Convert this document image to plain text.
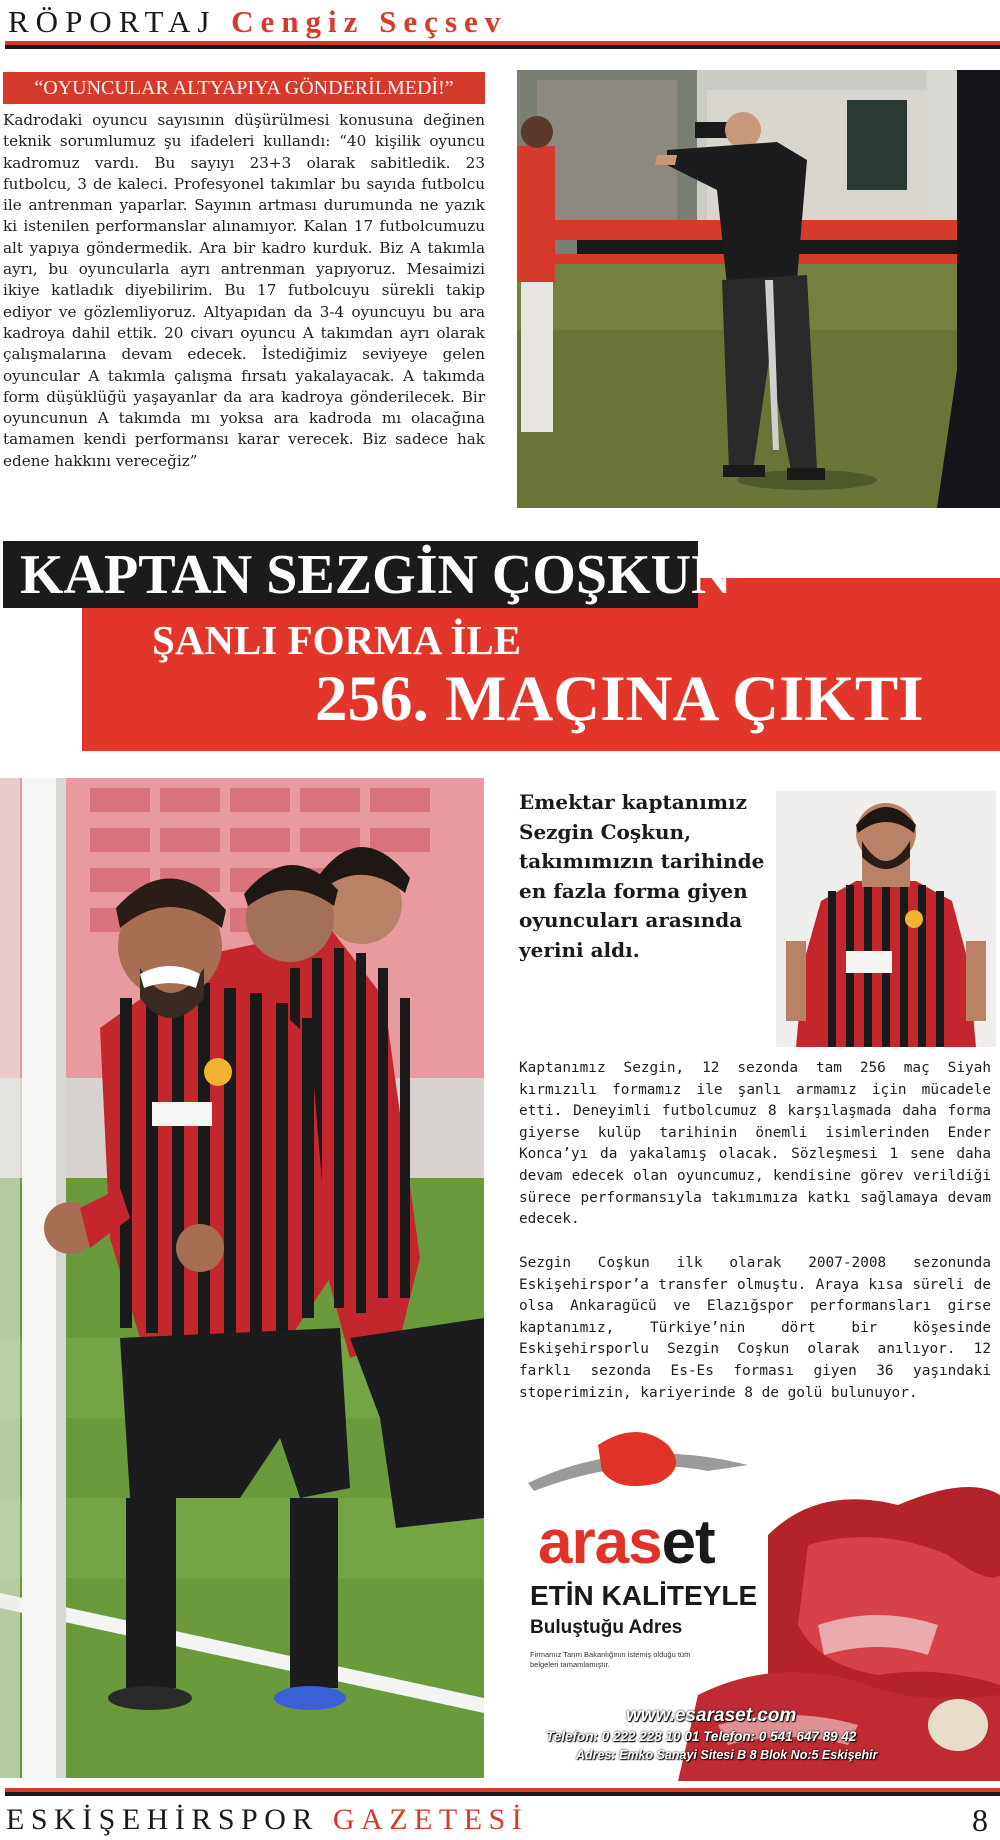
RÖPORTAJ Cengiz Seçsev
“OYUNCULAR ALTYAPIYA GÖNDERİLMEDİ!”
Kadrodaki oyuncu sayısının düşürülmesi konusuna değinen teknik sorumlumuz şu ifadeleri kullandı: “40 kişilik oyuncu kadromuz vardı. Bu sayıyı 23+3 olarak sabitledik. 23 futbolcu, 3 de kaleci. Profesyonel takımlar bu sayıda futbolcu ile antrenman yaparlar. Sayının artması durumunda ne yazık ki istenilen performanslar alınamıyor. Kalan 17 futbolcumuzu alt yapıya göndermedik. Ara bir kadro kurduk. Biz A takımla ayrı, bu oyuncularla ayrı antrenman yapıyoruz. Mesaimizi ikiye katladık diyebilirim. Bu 17 futbolcuyu sürekli takip ediyor ve gözlemliyoruz. Altyapıdan da 3-4 oyuncuyu bu ara kadroya dahil ettik. 20 civarı oyuncu A takımdan ayrı olarak çalışmalarına devam edecek. İstediğimiz seviyeye gelen oyuncular A takımla çalışma fırsatı yakalayacak. A takımda form düşüklüğü yaşayanlar da ara kadroya gönderilecek. Bir oyuncunun A takımda mı yoksa ara kadroda mı olacağına tamamen kendi performansı karar verecek. Biz sadece hak edene hakkını vereceğiz”
KAPTAN SEZGİN ÇOŞKUN
ŞANLI FORMA İLE
256. MAÇINA ÇIKTI
Emektar kaptanımız Sezgin Coşkun, takımımızın tarihinde en fazla forma giyen oyuncuları arasında yerini aldı.
Kaptanımız Sezgin, 12 sezonda tam 256 maç Siyah kırmızılı formamız ile şanlı armamız için mücadele etti. Deneyimli futbolcumuz 8 karşılaşmada daha forma giyerse kulüp tarihinin önemli isimlerinden Ender Konca’yı da yakalamış olacak. Sözleşmesi 1 sene daha devam edecek olan oyuncumuz, kendisine görev verildiği sürece performansıyla takımımıza katkı sağlamaya devam edecek.
Sezgin Coşkun ilk olarak 2007-2008 sezonunda Eskişehirspor’a transfer olmuştu. Araya kısa süreli de olsa Ankaragücü ve Elazığspor performansları girse kaptanımız, Türkiye’nin dört bir köşesinde Eskişehirsporlu Sezgin Coşkun olarak anılıyor. 12 farklı sezonda Es-Es forması giyen 36 yaşındaki stoperimizin, kariyerinde 8 de golü bulunuyor.
araset
ETİN KALİTEYLE
Buluştuğu Adres
Firmamız Tarım Bakanlığının istemiş olduğu tüm belgeleri tamamlamıştır.
www.esaraset.com
Telefon: 0 222 228 10 01 Telefon: 0 541 647 89 42
Adres: Emko Sanayi Sitesi B 8 Blok No:5 Eskişehir
ESKİŞEHİRSPOR GAZETESİ	8
